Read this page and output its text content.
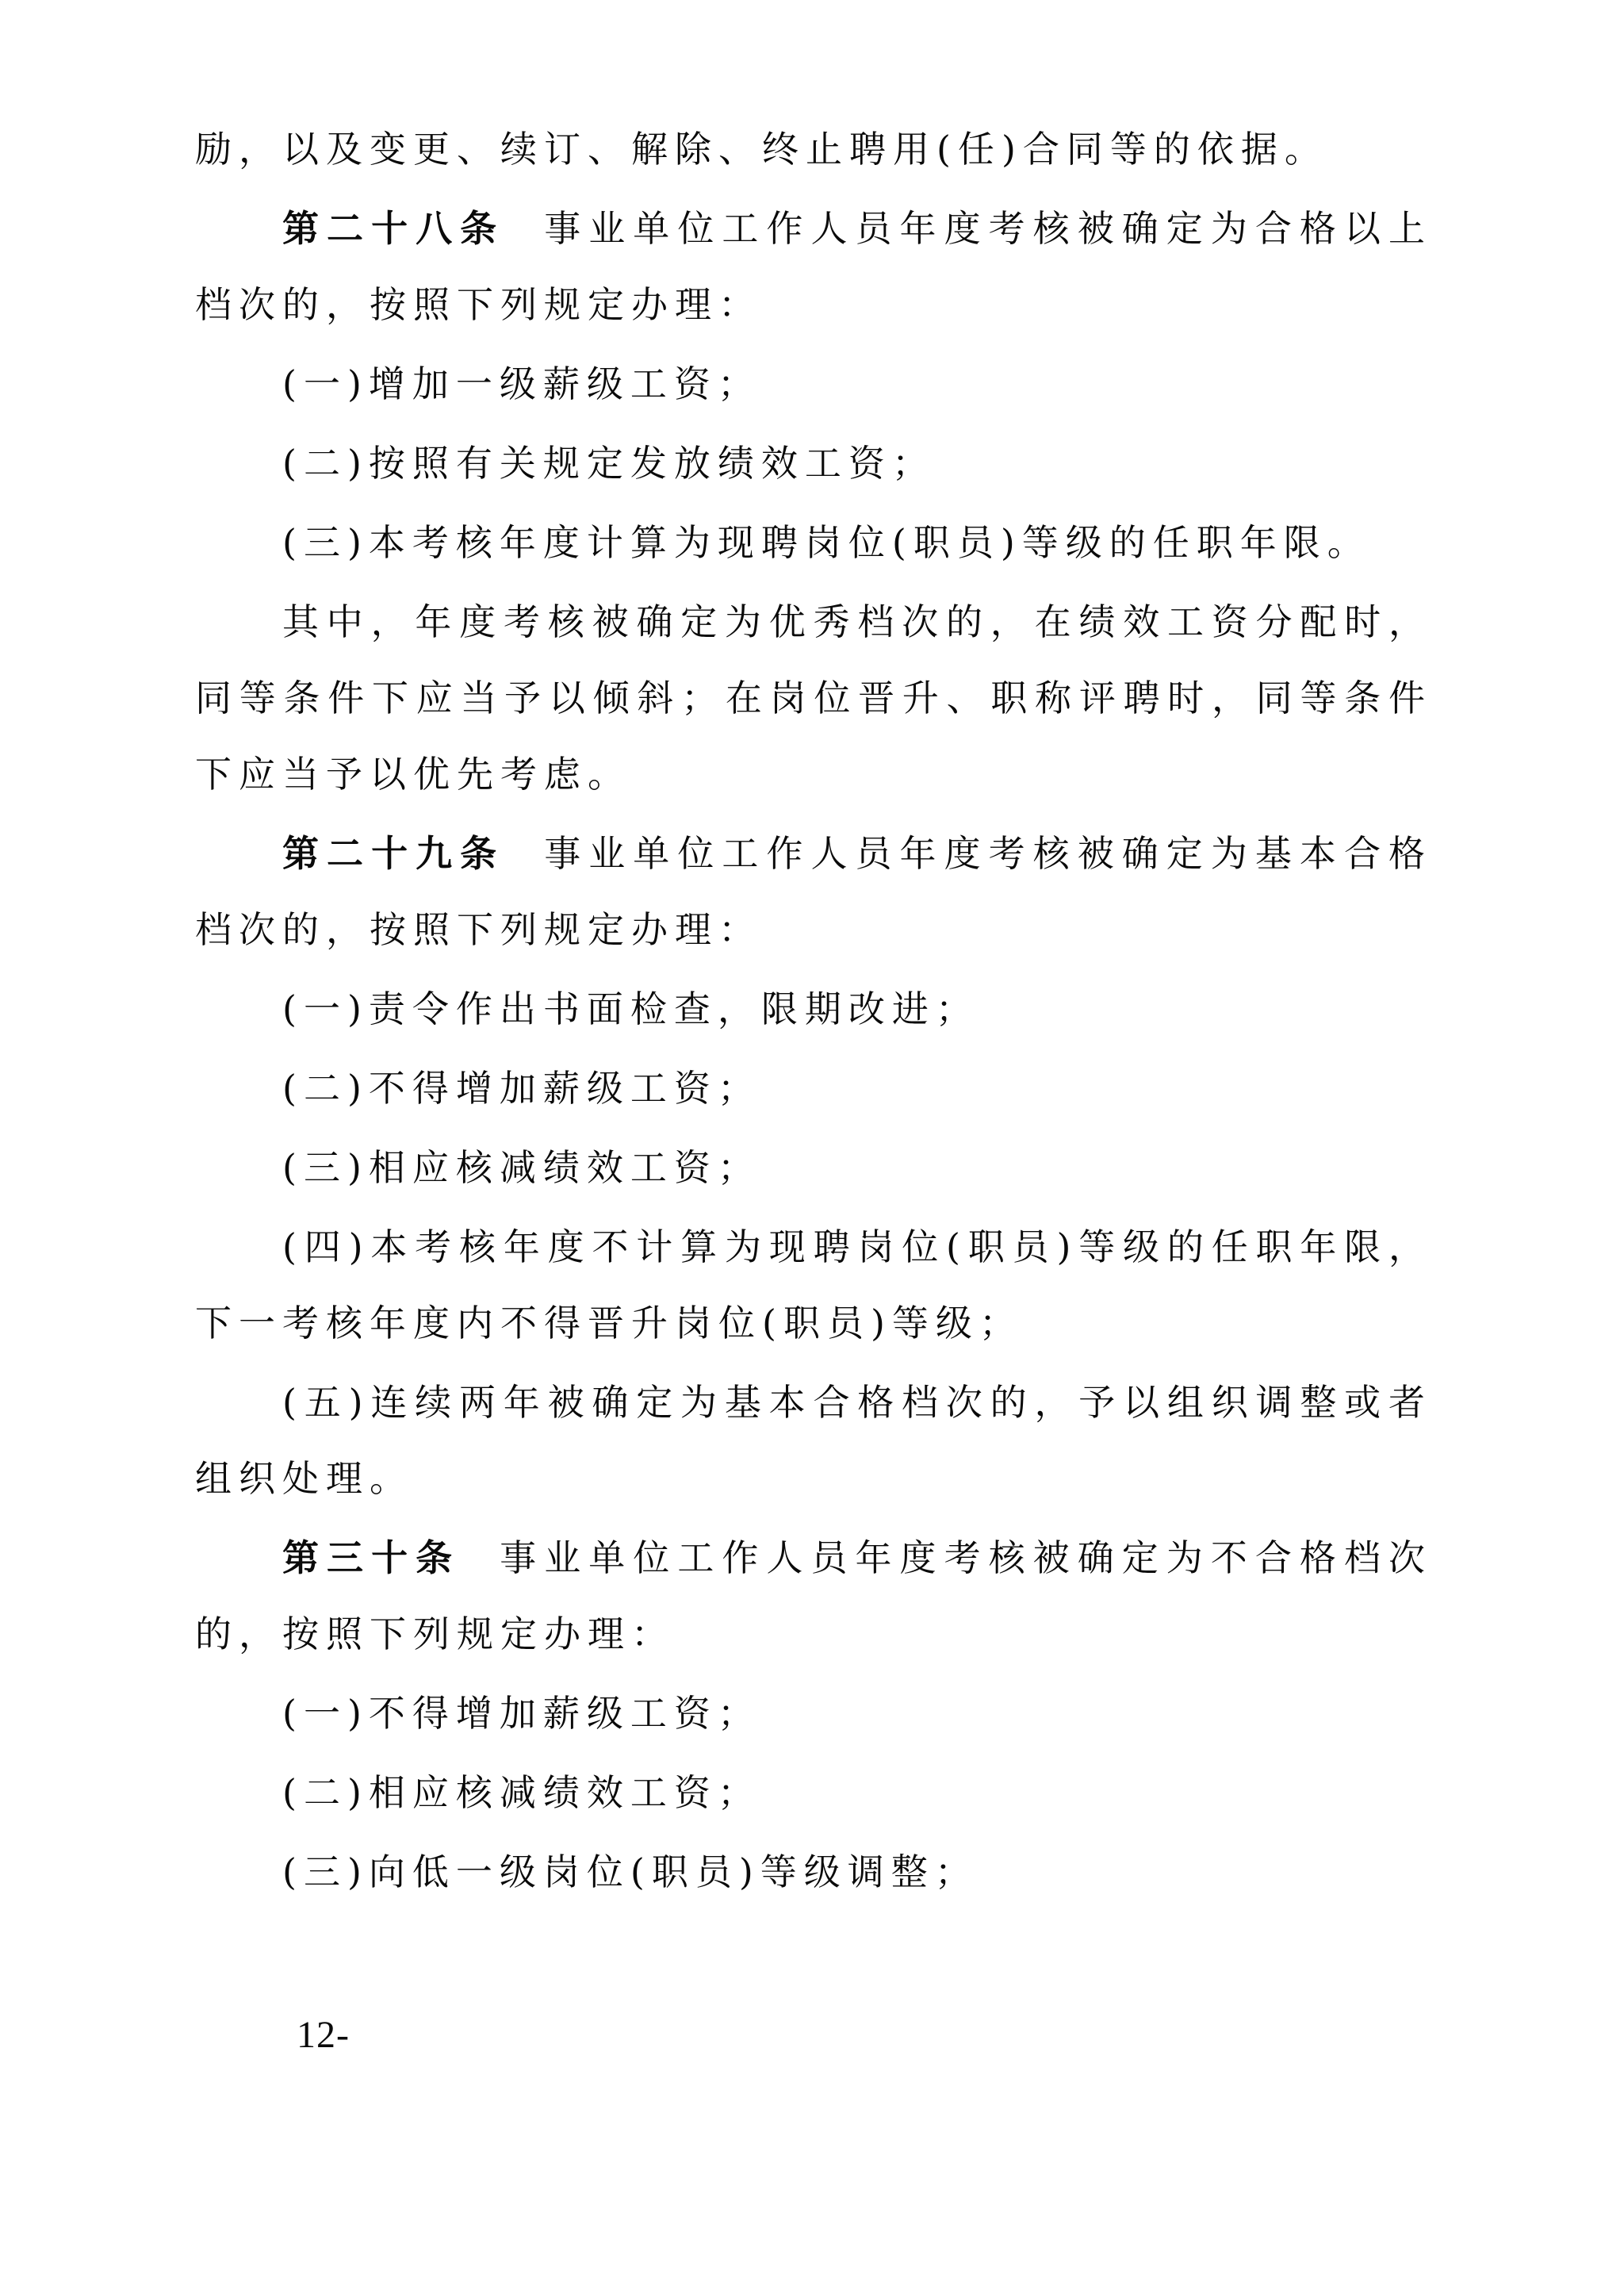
励，以及变更、续订、解除、终止聘用(任)合同等的依据。

第二十八条 事业单位工作人员年度考核被确定为合格以上档次的，按照下列规定办理：

(一)增加一级薪级工资；

(二)按照有关规定发放绩效工资；

(三)本考核年度计算为现聘岗位(职员)等级的任职年限。

其中，年度考核被确定为优秀档次的，在绩效工资分配时，同等条件下应当予以倾斜；在岗位晋升、职称评聘时，同等条件下应当予以优先考虑。

第二十九条 事业单位工作人员年度考核被确定为基本合格档次的，按照下列规定办理：

(一)责令作出书面检查，限期改进；

(二)不得增加薪级工资；

(三)相应核减绩效工资；

(四)本考核年度不计算为现聘岗位(职员)等级的任职年限，下一考核年度内不得晋升岗位(职员)等级；

(五)连续两年被确定为基本合格档次的，予以组织调整或者组织处理。

第三十条 事业单位工作人员年度考核被确定为不合格档次的，按照下列规定办理：

(一)不得增加薪级工资；

(二)相应核减绩效工资；

(三)向低一级岗位(职员)等级调整；

12-
